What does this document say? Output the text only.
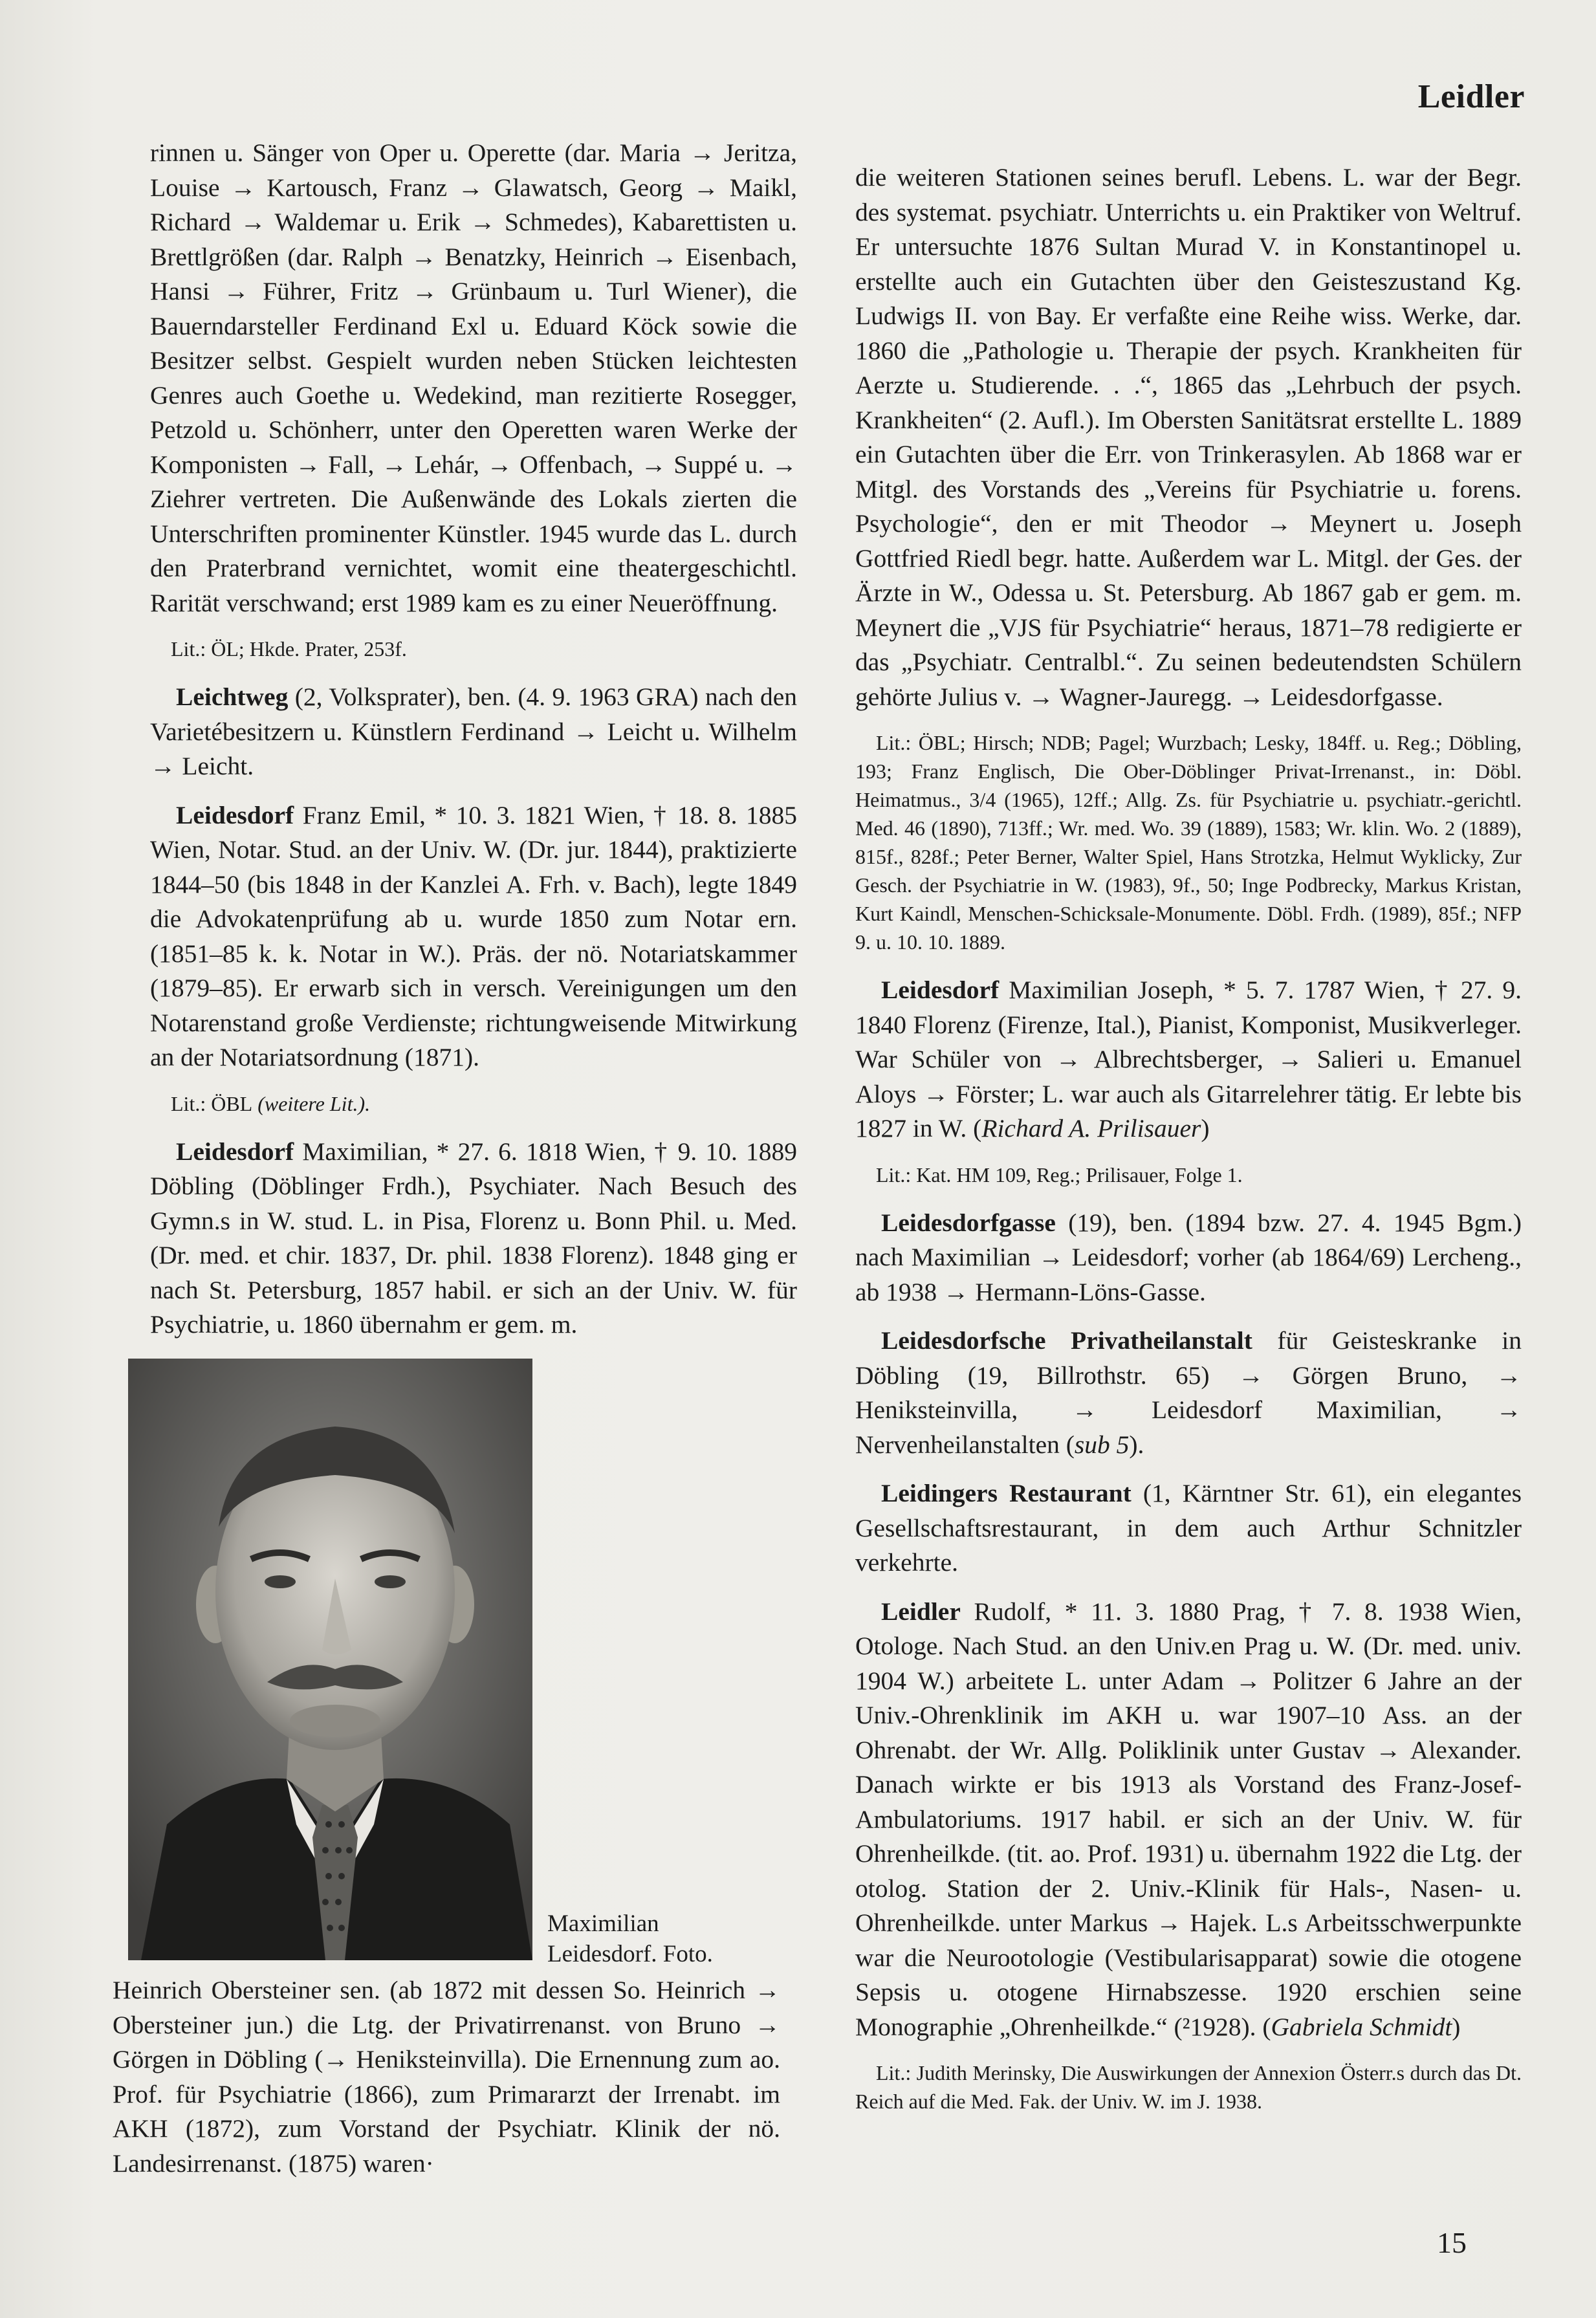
Leidler

rinnen u. Sänger von Oper u. Operette (dar. Maria → Jeritza, Louise → Kartousch, Franz → Glawatsch, Georg → Maikl, Richard → Waldemar u. Erik → Schmedes), Kabarettisten u. Brettlgrößen (dar. Ralph → Benatzky, Heinrich → Eisenbach, Hansi → Führer, Fritz → Grünbaum u. Turl Wiener), die Bauerndarsteller Ferdinand Exl u. Eduard Köck sowie die Besitzer selbst. Gespielt wurden neben Stücken leichtesten Genres auch Goethe u. Wedekind, man rezitierte Rosegger, Petzold u. Schönherr, unter den Operetten waren Werke der Komponisten → Fall, → Lehár, → Offenbach, → Suppé u. → Ziehrer vertreten. Die Außenwände des Lokals zierten die Unterschriften prominenter Künstler. 1945 wurde das L. durch den Praterbrand vernichtet, womit eine theatergeschichtl. Rarität verschwand; erst 1989 kam es zu einer Neueröffnung.

Lit.: ÖL; Hkde. Prater, 253f.

Leichtweg (2, Volksprater), ben. (4. 9. 1963 GRA) nach den Varietébesitzern u. Künstlern Ferdinand → Leicht u. Wilhelm → Leicht.

Leidesdorf Franz Emil, * 10. 3. 1821 Wien, † 18. 8. 1885 Wien, Notar. Stud. an der Univ. W. (Dr. jur. 1844), praktizierte 1844–50 (bis 1848 in der Kanzlei A. Frh. v. Bach), legte 1849 die Advokatenprüfung ab u. wurde 1850 zum Notar ern. (1851–85 k. k. Notar in W.). Präs. der nö. Notariatskammer (1879–85). Er erwarb sich in versch. Vereinigungen um den Notarenstand große Verdienste; richtungweisende Mitwirkung an der Notariatsordnung (1871).

Lit.: ÖBL (weitere Lit.).

Leidesdorf Maximilian, * 27. 6. 1818 Wien, † 9. 10. 1889 Döbling (Döblinger Frdh.), Psychiater. Nach Besuch des Gymn.s in W. stud. L. in Pisa, Florenz u. Bonn Phil. u. Med. (Dr. med. et chir. 1837, Dr. phil. 1838 Florenz). 1848 ging er nach St. Petersburg, 1857 habil. er sich an der Univ. W. für Psychiatrie, u. 1860 übernahm er gem. m.

Maximilian Leidesdorf. Foto.

Heinrich Obersteiner sen. (ab 1872 mit dessen So. Heinrich → Obersteiner jun.) die Ltg. der Privatirrenanst. von Bruno → Görgen in Döbling (→ Heniksteinvilla). Die Ernennung zum ao. Prof. für Psychiatrie (1866), zum Primararzt der Irrenabt. im AKH (1872), zum Vorstand der Psychiatr. Klinik der nö. Landesirrenanst. (1875) waren·

die weiteren Stationen seines berufl. Lebens. L. war der Begr. des systemat. psychiatr. Unterrichts u. ein Praktiker von Weltruf. Er untersuchte 1876 Sultan Murad V. in Konstantinopel u. erstellte auch ein Gutachten über den Geisteszustand Kg. Ludwigs II. von Bay. Er verfaßte eine Reihe wiss. Werke, dar. 1860 die „Pathologie u. Therapie der psych. Krankheiten für Aerzte u. Studierende. . .“, 1865 das „Lehrbuch der psych. Krankheiten“ (2. Aufl.). Im Obersten Sanitätsrat erstellte L. 1889 ein Gutachten über die Err. von Trinkerasylen. Ab 1868 war er Mitgl. des Vorstands des „Vereins für Psychiatrie u. forens. Psychologie“, den er mit Theodor → Meynert u. Joseph Gottfried Riedl begr. hatte. Außerdem war L. Mitgl. der Ges. der Ärzte in W., Odessa u. St. Petersburg. Ab 1867 gab er gem. m. Meynert die „VJS für Psychiatrie“ heraus, 1871–78 redigierte er das „Psychiatr. Centralbl.“. Zu seinen bedeutendsten Schülern gehörte Julius v. → Wagner-Jauregg. → Leidesdorfgasse.

Lit.: ÖBL; Hirsch; NDB; Pagel; Wurzbach; Lesky, 184ff. u. Reg.; Döbling, 193; Franz Englisch, Die Ober-Döblinger Privat-Irrenanst., in: Döbl. Heimatmus., 3/4 (1965), 12ff.; Allg. Zs. für Psychiatrie u. psychiatr.-gerichtl. Med. 46 (1890), 713ff.; Wr. med. Wo. 39 (1889), 1583; Wr. klin. Wo. 2 (1889), 815f., 828f.; Peter Berner, Walter Spiel, Hans Strotzka, Helmut Wyklicky, Zur Gesch. der Psychiatrie in W. (1983), 9f., 50; Inge Podbrecky, Markus Kristan, Kurt Kaindl, Menschen-Schicksale-Monumente. Döbl. Frdh. (1989), 85f.; NFP 9. u. 10. 10. 1889.

Leidesdorf Maximilian Joseph, * 5. 7. 1787 Wien, † 27. 9. 1840 Florenz (Firenze, Ital.), Pianist, Komponist, Musikverleger. War Schüler von → Albrechtsberger, → Salieri u. Emanuel Aloys → Förster; L. war auch als Gitarrelehrer tätig. Er lebte bis 1827 in W. (Richard A. Prilisauer)

Lit.: Kat. HM 109, Reg.; Prilisauer, Folge 1.

Leidesdorfgasse (19), ben. (1894 bzw. 27. 4. 1945 Bgm.) nach Maximilian → Leidesdorf; vorher (ab 1864/69) Lercheng., ab 1938 → Hermann-Löns-Gasse.

Leidesdorfsche Privatheilanstalt für Geisteskranke in Döbling (19, Billrothstr. 65) → Görgen Bruno, → Heniksteinvilla, → Leidesdorf Maximilian, → Nervenheilanstalten (sub 5).

Leidingers Restaurant (1, Kärntner Str. 61), ein elegantes Gesellschaftsrestaurant, in dem auch Arthur Schnitzler verkehrte.

Leidler Rudolf, * 11. 3. 1880 Prag, † 7. 8. 1938 Wien, Otologe. Nach Stud. an den Univ.en Prag u. W. (Dr. med. univ. 1904 W.) arbeitete L. unter Adam → Politzer 6 Jahre an der Univ.-Ohrenklinik im AKH u. war 1907–10 Ass. an der Ohrenabt. der Wr. Allg. Poliklinik unter Gustav → Alexander. Danach wirkte er bis 1913 als Vorstand des Franz-Josef-Ambulatoriums. 1917 habil. er sich an der Univ. W. für Ohrenheilkde. (tit. ao. Prof. 1931) u. übernahm 1922 die Ltg. der otolog. Station der 2. Univ.-Klinik für Hals-, Nasen- u. Ohrenheilkde. unter Markus → Hajek. L.s Arbeitsschwerpunkte war die Neurootologie (Vestibularisapparat) sowie die otogene Sepsis u. otogene Hirnabszesse. 1920 erschien seine Monographie „Ohrenheilkde.“ (²1928). (Gabriela Schmidt)

Lit.: Judith Merinsky, Die Auswirkungen der Annexion Österr.s durch das Dt. Reich auf die Med. Fak. der Univ. W. im J. 1938.

15
